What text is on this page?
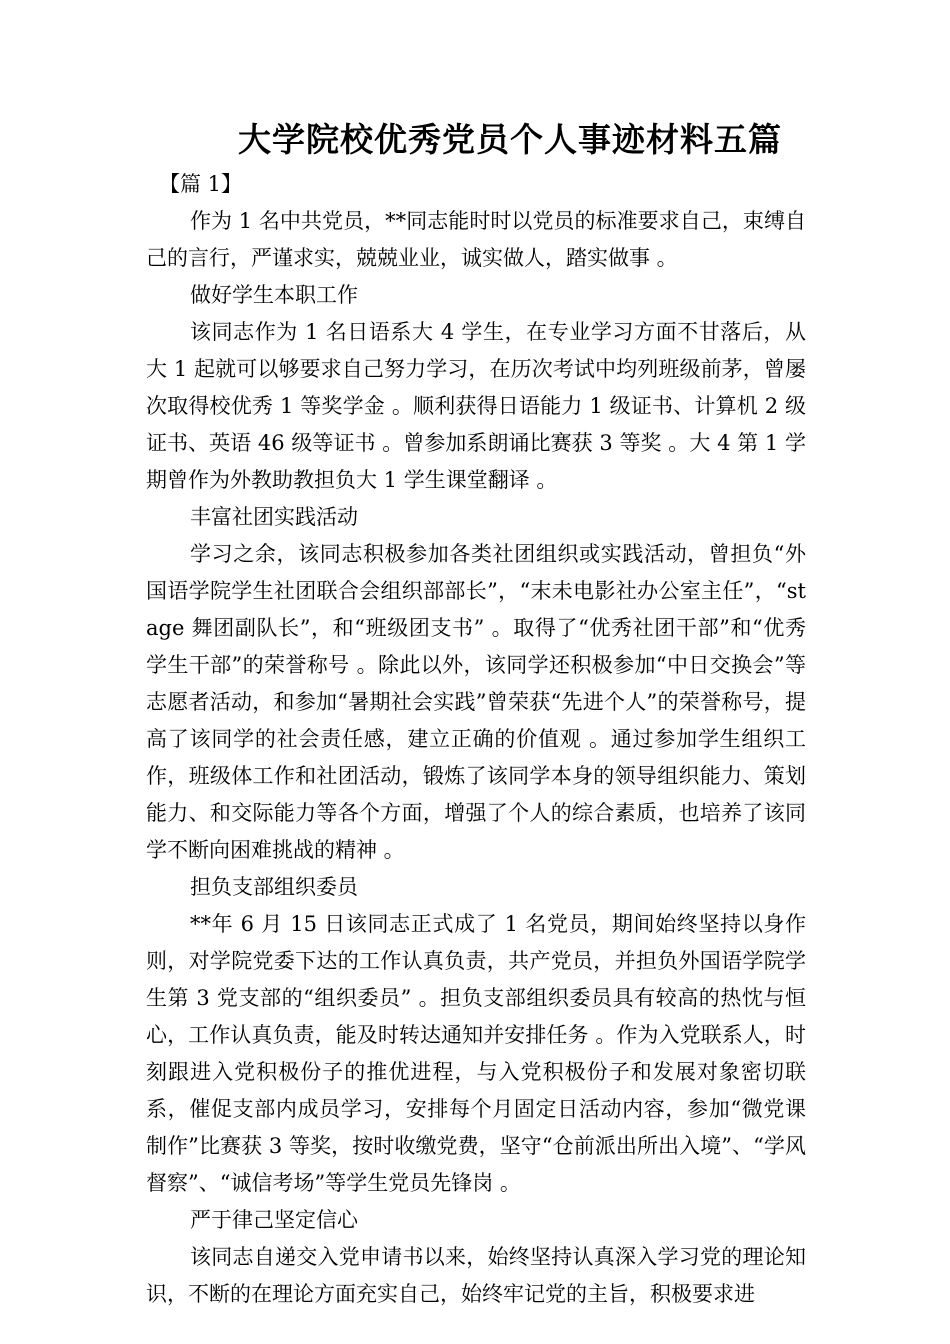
大学院校优秀党员个人事迹材料五篇

【篇 1】

作为 1 名中共党员，**同志能时时以党员的标准要求自己，束缚自己的言行，严谨求实，兢兢业业，诚实做人，踏实做事 。

做好学生本职工作

该同志作为 1 名日语系大 4 学生，在专业学习方面不甘落后，从大 1 起就可以够要求自己努力学习，在历次考试中均列班级前茅，曾屡次取得校优秀 1 等奖学金 。顺利获得日语能力 1 级证书、计算机 2 级证书、英语 46 级等证书 。曾参加系朗诵比赛获 3 等奖 。大 4 第 1 学期曾作为外教助教担负大 1 学生课堂翻译 。

丰富社团实践活动

学习之余，该同志积极参加各类社团组织或实践活动，曾担负“外国语学院学生社团联合会组织部部长”，“末未电影社办公室主任”，“stage 舞团副队长”，和“班级团支书” 。取得了“优秀社团干部”和“优秀学生干部”的荣誉称号 。除此以外，该同学还积极参加“中日交换会”等志愿者活动，和参加“暑期社会实践”曾荣获“先进个人”的荣誉称号，提高了该同学的社会责任感，建立正确的价值观 。通过参加学生组织工作，班级体工作和社团活动，锻炼了该同学本身的领导组织能力、策划能力、和交际能力等各个方面，增强了个人的综合素质，也培养了该同学不断向困难挑战的精神 。

担负支部组织委员

**年 6 月 15 日该同志正式成了 1 名党员，期间始终坚持以身作则，对学院党委下达的工作认真负责，共产党员，并担负外国语学院学生第 3 党支部的“组织委员” 。担负支部组织委员具有较高的热忱与恒心，工作认真负责，能及时转达通知并安排任务 。作为入党联系人，时刻跟进入党积极份子的推优进程，与入党积极份子和发展对象密切联系，催促支部内成员学习，安排每个月固定日活动内容，参加“微党课制作”比赛获 3 等奖，按时收缴党费，坚守“仓前派出所出入境”、“学风督察”、“诚信考场”等学生党员先锋岗 。

严于律己坚定信心

该同志自递交入党申请书以来，始终坚持认真深入学习党的理论知识，不断的在理论方面充实自己，始终牢记党的主旨，积极要求进
